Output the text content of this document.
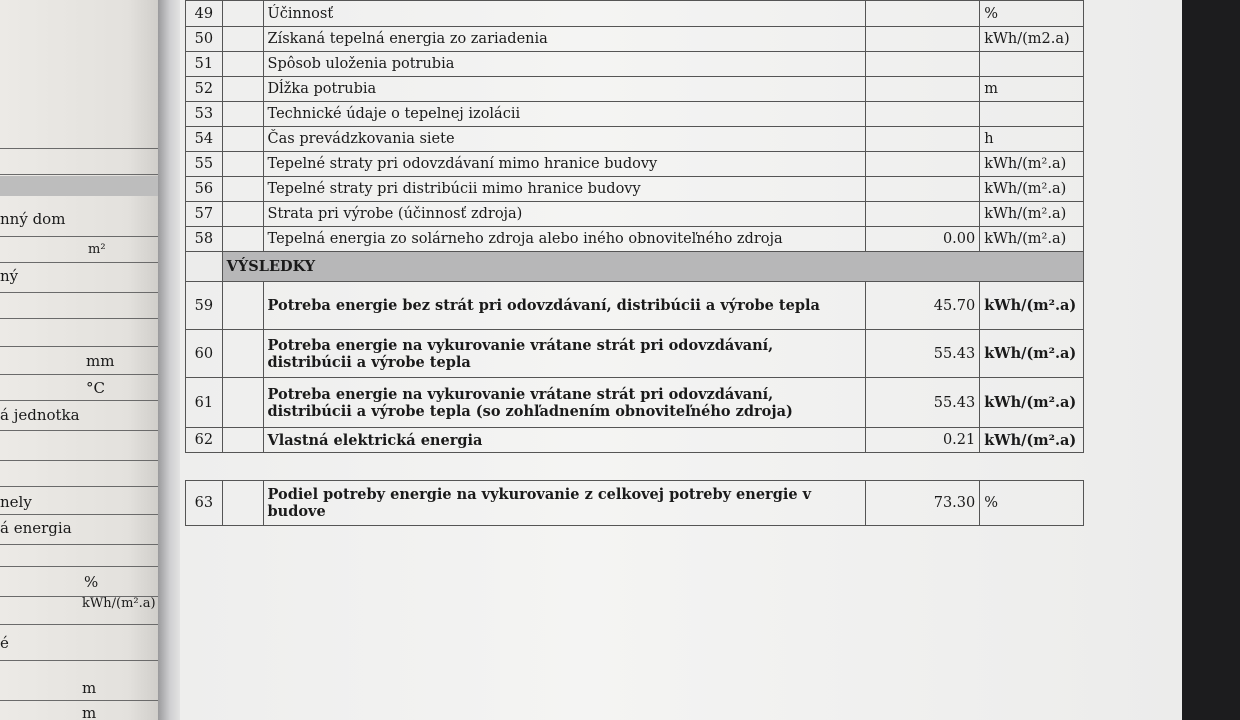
nný dom
m²
ný
mm
°C
á jednotka
nely
á energia
%
kWh/(m².a)
é
m
m
49		Účinnosť		%
50		Získaná tepelná energia zo zariadenia		kWh/(m2.a)
51		Spôsob uloženia potrubia		
52		Dĺžka potrubia		m
53		Technické údaje o tepelnej izolácii		
54		Čas prevádzkovania siete		h
55		Tepelné straty pri odovzdávaní mimo hranice budovy		kWh/(m².a)
56		Tepelné straty pri distribúcii mimo hranice budovy		kWh/(m².a)
57		Strata pri výrobe (účinnosť zdroja)		kWh/(m².a)
58		Tepelná energia zo solárneho zdroja alebo iného obnoviteľného zdroja	0.00	kWh/(m².a)
	VÝSLEDKY			
59		Potreba energie bez strát pri odovzdávaní, distribúcii a výrobe tepla	45.70	kWh/(m².a)
60		Potreba energie na vykurovanie vrátane strát pri odovzdávaní, distribúcii a výrobe tepla	55.43	kWh/(m².a)
61		Potreba energie na vykurovanie vrátane strát pri odovzdávaní, distribúcii a výrobe tepla (so zohľadnením obnoviteľného zdroja)	55.43	kWh/(m².a)
62		Vlastná elektrická energia	0.21	kWh/(m².a)
63		Podiel potreby energie na vykurovanie z celkovej potreby energie v budove	73.30	%
